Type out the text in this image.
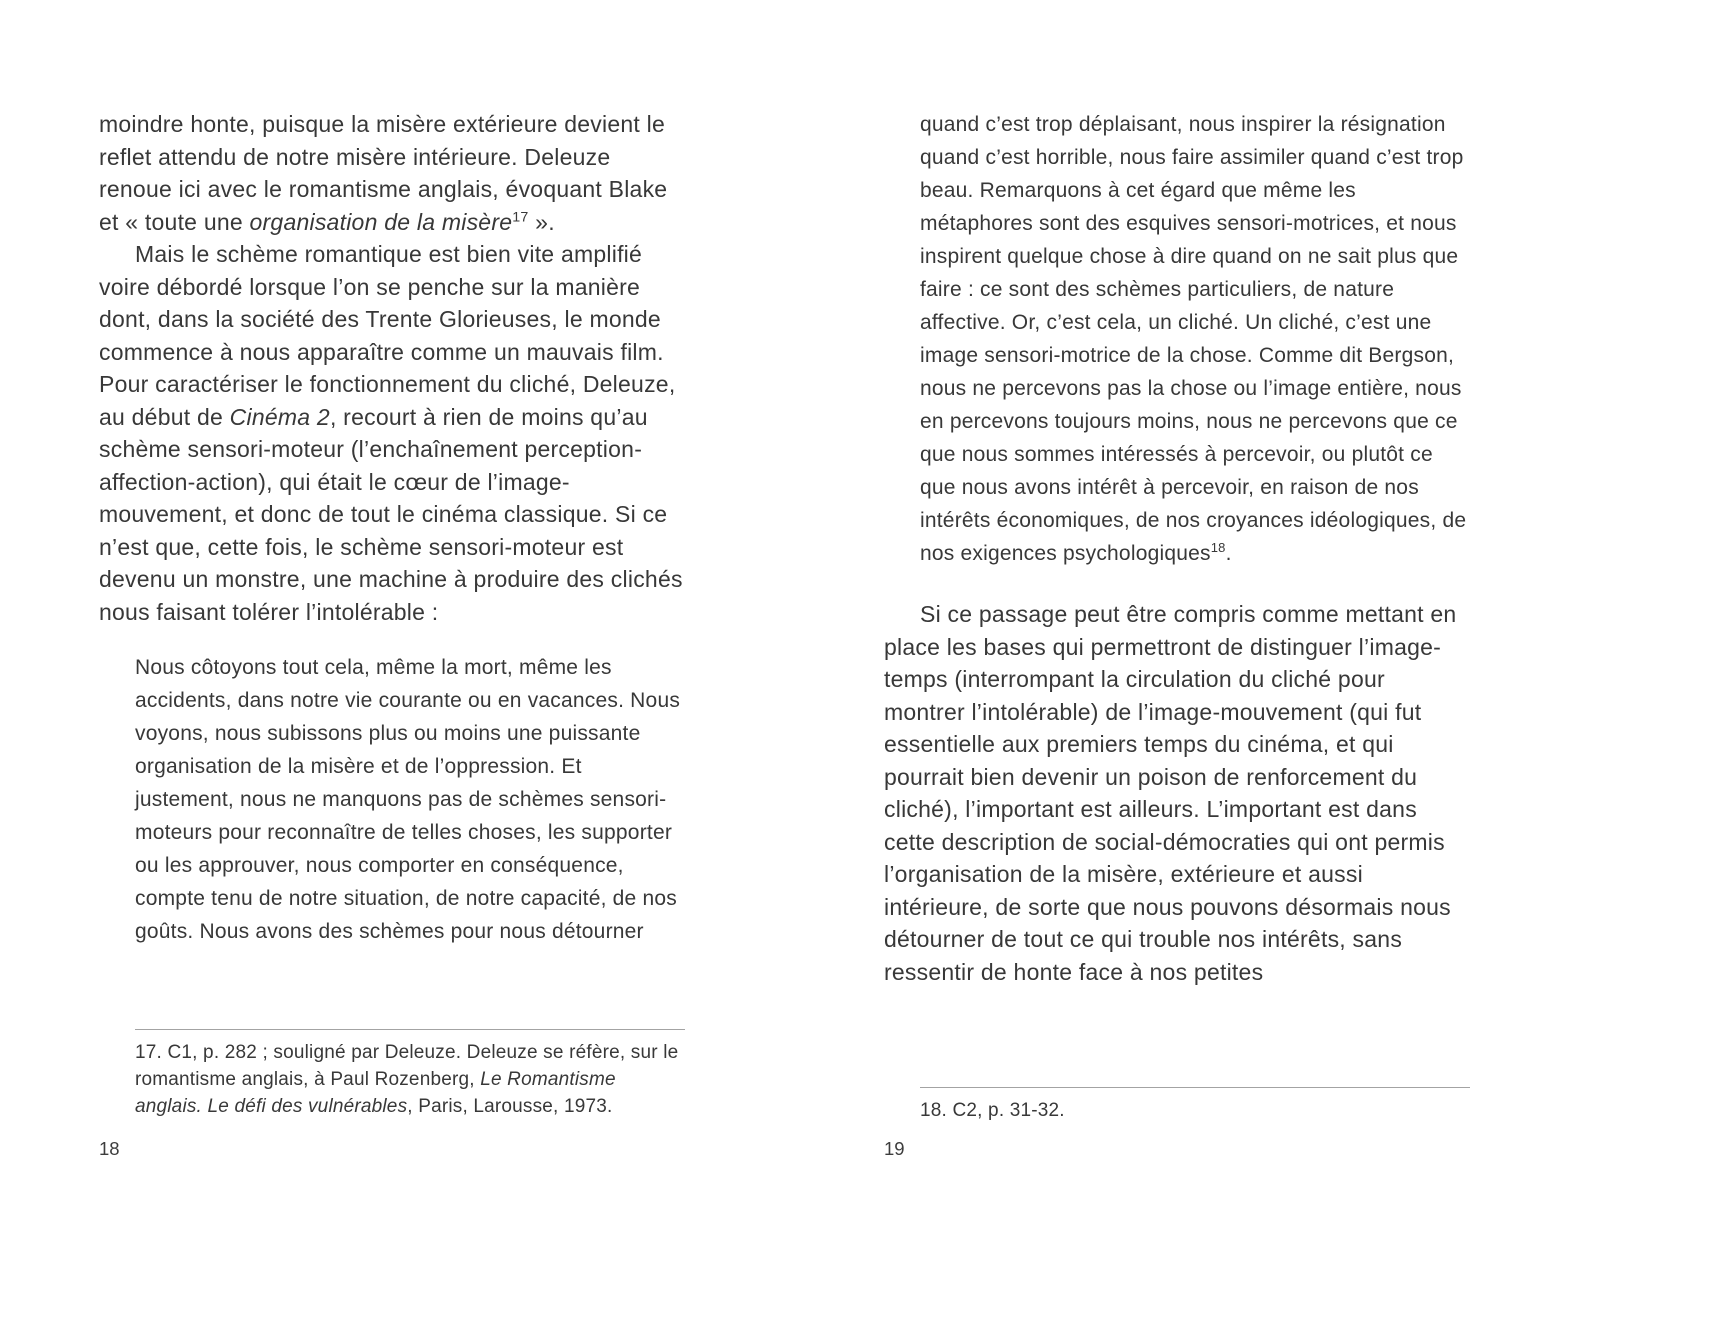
moindre honte, puisque la misère extérieure devient le reflet attendu de notre misère intérieure. Deleuze renoue ici avec le romantisme anglais, évoquant Blake et « toute une organisation de la misère$^{17}$ ».

Mais le schème romantique est bien vite amplifié voire débordé lorsque l’on se penche sur la manière dont, dans la société des Trente Glorieuses, le monde commence à nous apparaître comme un mauvais film. Pour caractériser le fonctionnement du cliché, Deleuze, au début de Cinéma 2, recourt à rien de moins qu’au schème sensori-moteur (l’enchaînement perception-affection-action), qui était le cœur de l’image-mouvement, et donc de tout le cinéma classique. Si ce n’est que, cette fois, le schème sensori-moteur est devenu un monstre, une machine à produire des clichés nous faisant tolérer l’intolérable :

Nous côtoyons tout cela, même la mort, même les accidents, dans notre vie courante ou en vacances. Nous voyons, nous subissons plus ou moins une puissante organisation de la misère et de l’oppression. Et justement, nous ne manquons pas de schèmes sensori-moteurs pour reconnaître de telles choses, les supporter ou les approuver, nous comporter en conséquence, compte tenu de notre situation, de notre capacité, de nos goûts. Nous avons des schèmes pour nous détourner

17. C1, p. 282 ; souligné par Deleuze. Deleuze se réfère, sur le romantisme anglais, à Paul Rozenberg, Le Romantisme anglais. Le défi des vulnérables, Paris, Larousse, 1973.

18
quand c’est trop déplaisant, nous inspirer la résignation quand c’est horrible, nous faire assimiler quand c’est trop beau. Remarquons à cet égard que même les métaphores sont des esquives sensori-motrices, et nous inspirent quelque chose à dire quand on ne sait plus que faire : ce sont des schèmes particuliers, de nature affective. Or, c’est cela, un cliché. Un cliché, c’est une image sensori-motrice de la chose. Comme dit Bergson, nous ne percevons pas la chose ou l’image entière, nous en percevons toujours moins, nous ne percevons que ce que nous sommes intéressés à percevoir, ou plutôt ce que nous avons intérêt à percevoir, en raison de nos intérêts économiques, de nos croyances idéologiques, de nos exigences psychologiques$^{18}$.

Si ce passage peut être compris comme mettant en place les bases qui permettront de distinguer l’image-temps (interrompant la circulation du cliché pour montrer l’intolérable) de l’image-mouvement (qui fut essentielle aux premiers temps du cinéma, et qui pourrait bien devenir un poison de renforcement du cliché), l’important est ailleurs. L’important est dans cette description de social-démocraties qui ont permis l’organisation de la misère, extérieure et aussi intérieure, de sorte que nous pouvons désormais nous détourner de tout ce qui trouble nos intérêts, sans ressentir de honte face à nos petites

18. C2, p. 31-32.

19
